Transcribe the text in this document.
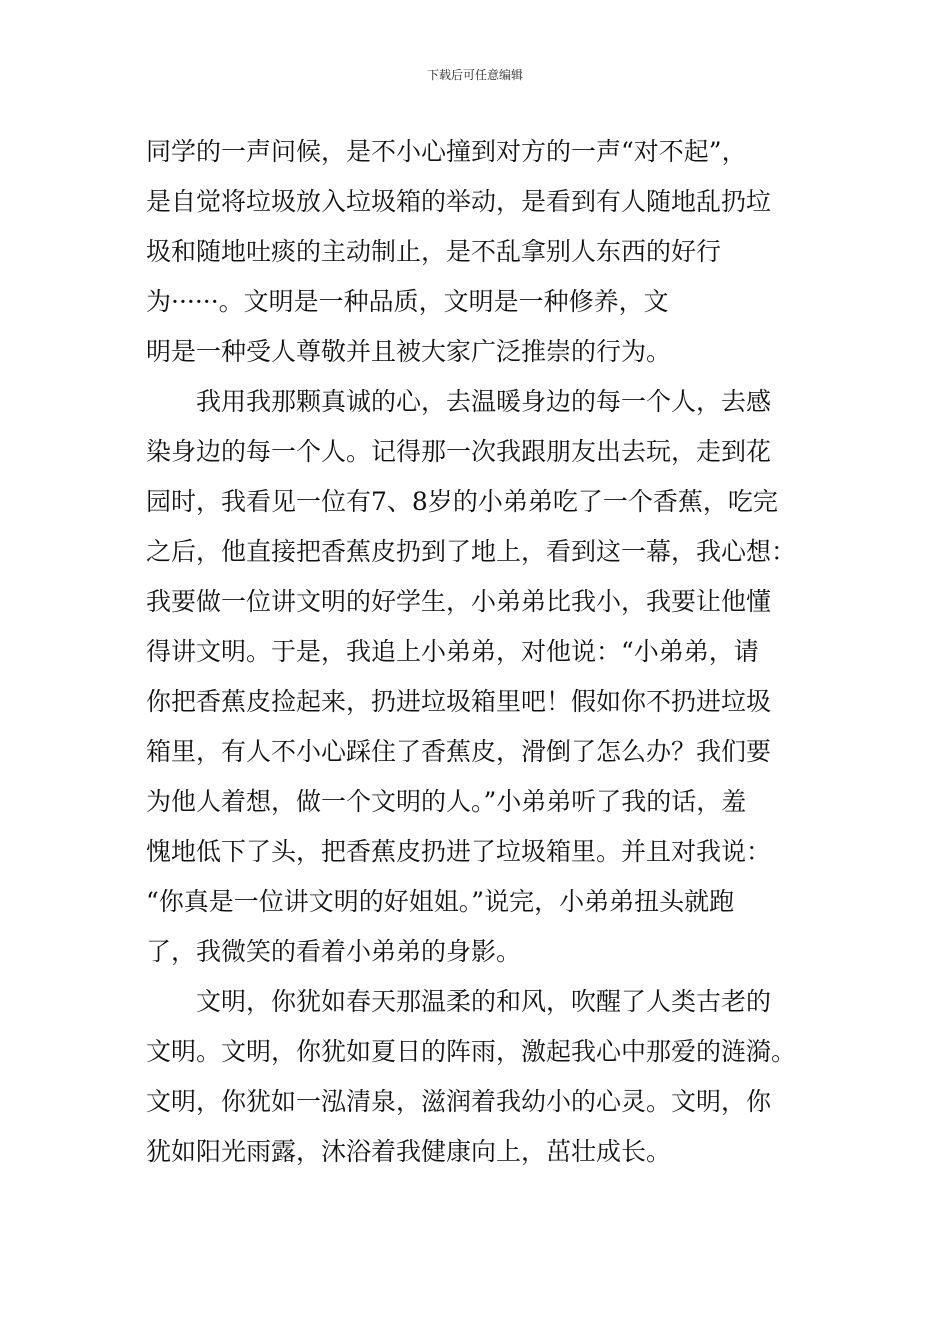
下载后可任意编辑
同学的一声问候，是不小心撞到对方的一声“对不起”，
是自觉将垃圾放入垃圾箱的举动，是看到有人随地乱扔垃
圾和随地吐痰的主动制止，是不乱拿别人东西的好行
为······。文明是一种品质，文明是一种修养，文
明是一种受人尊敬并且被大家广泛推崇的行为。
我用我那颗真诚的心，去温暖身边的每一个人，去感
染身边的每一个人。记得那一次我跟朋友出去玩，走到花
园时，我看见一位有7、8岁的小弟弟吃了一个香蕉，吃完
之后，他直接把香蕉皮扔到了地上，看到这一幕，我心想：
我要做一位讲文明的好学生，小弟弟比我小，我要让他懂
得讲文明。于是，我追上小弟弟，对他说：“小弟弟，请
你把香蕉皮捡起来，扔进垃圾箱里吧！假如你不扔进垃圾
箱里，有人不小心踩住了香蕉皮，滑倒了怎么办？我们要
为他人着想，做一个文明的人。”小弟弟听了我的话，羞
愧地低下了头，把香蕉皮扔进了垃圾箱里。并且对我说：
“你真是一位讲文明的好姐姐。”说完，小弟弟扭头就跑
了，我微笑的看着小弟弟的身影。
文明，你犹如春天那温柔的和风，吹醒了人类古老的
文明。文明，你犹如夏日的阵雨，激起我心中那爱的涟漪。
文明，你犹如一泓清泉，滋润着我幼小的心灵。文明，你
犹如阳光雨露，沐浴着我健康向上，茁壮成长。
